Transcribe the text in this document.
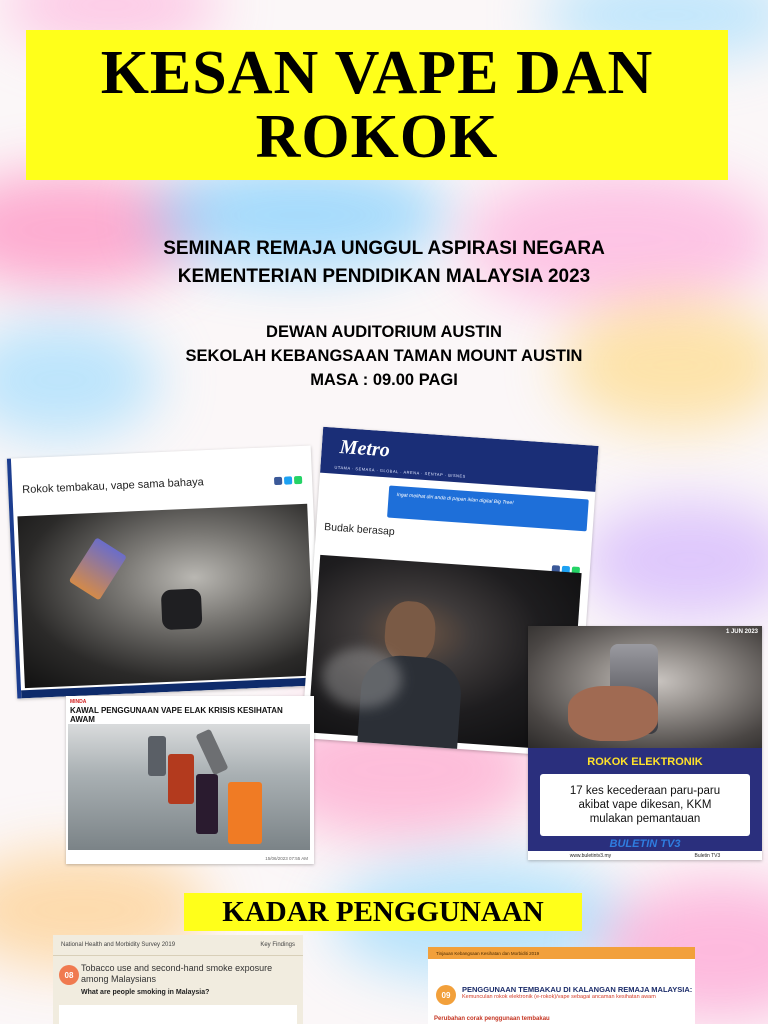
KESAN VAPE DAN
ROKOK
SEMINAR REMAJA UNGGUL ASPIRASI NEGARA
KEMENTERIAN PENDIDIKAN MALAYSIA 2023
DEWAN AUDITORIUM AUSTIN
SEKOLAH KEBANGSAAN TAMAN MOUNT AUSTIN
MASA : 09.00 PAGI
Rokok tembakau, vape sama bahaya
Metro
UTAMA · SEMASA · GLOBAL · ARENA · SENTAP · BISNES
Ingat melihat diri anda di papan iklan digital Big Tree!
Budak berasap
MINDA
KAWAL PENGGUNAAN VAPE ELAK KRISIS KESIHATAN AWAM
15/06/2023 07:55 AM
1 JUN 2023
ROKOK ELEKTRONIK
17 kes kecederaan paru-paru
akibat vape dikesan, KKM
mulakan pemantauan
BULETIN TV3
www.buletintv3.my	Buletin TV3
KADAR PENGGUNAAN
National Health and Morbidity Survey 2019	Key Findings
08
Tobacco use and second-hand smoke exposure among Malaysians
What are people smoking in Malaysia?
Tinjauan Kebangsaan Kesihatan dan Morbiditi 2019
09
PENGGUNAAN TEMBAKAU DI KALANGAN REMAJA MALAYSIA:
Kemunculan rokok elektronik (e-rokok)/vape sebagai ancaman kesihatan awam
Perubahan corak penggunaan tembakau
